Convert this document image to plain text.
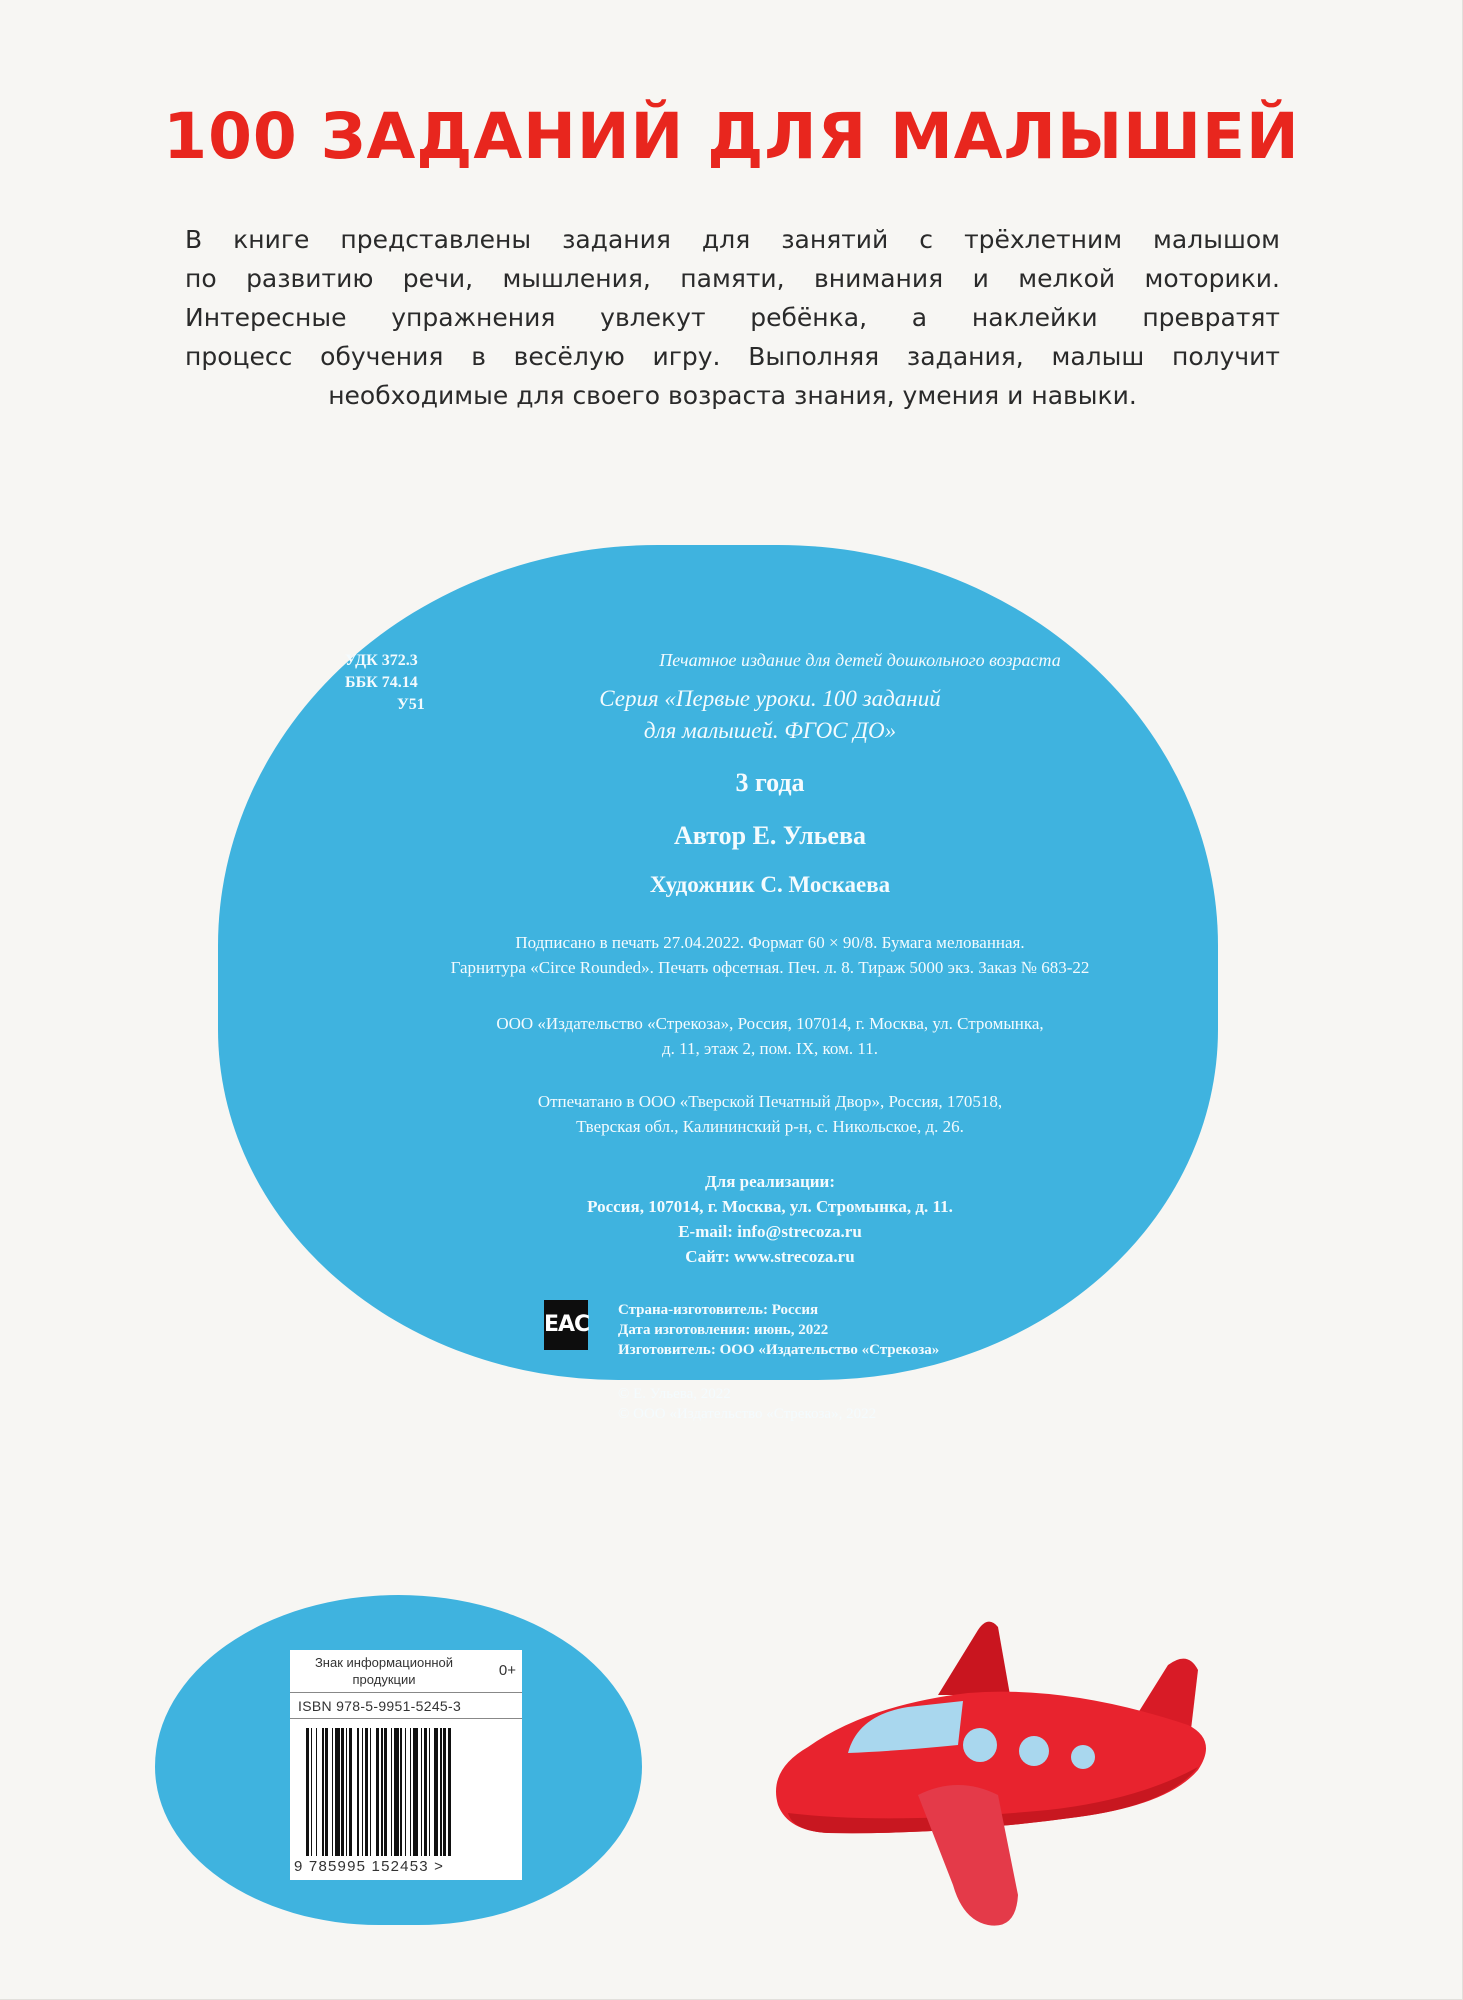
100 ЗАДАНИЙ ДЛЯ МАЛЫШЕЙ
В книге представлены задания для занятий с трёхлетним малышом
по развитию речи, мышления, памяти, внимания и мелкой моторики.
Интересные упражнения увлекут ребёнка, а наклейки превратят
процесс обучения в весёлую игру. Выполняя задания, малыш получит
необходимые для своего возраста знания, умения и навыки.
УДК 372.3
ББК 74.14
У51
Печатное издание для детей дошкольного возраста
Серия «Первые уроки. 100 заданий
для малышей. ФГОС ДО»
3 года
Автор Е. Ульева
Художник С. Москаева
Подписано в печать 27.04.2022. Формат 60 × 90/8. Бумага мелованная.
Гарнитура «Circe Rounded». Печать офсетная. Печ. л. 8. Тираж 5000 экз. Заказ № 683-22
ООО «Издательство «Стрекоза», Россия, 107014, г. Москва, ул. Стромынка,
д. 11, этаж 2, пом. IX, ком. 11.
Отпечатано в ООО «Тверской Печатный Двор», Россия, 170518,
Тверская обл., Калининский р-н, с. Никольское, д. 26.
Для реализации:
Россия, 107014, г. Москва, ул. Стромынка, д. 11.
E-mail: info@strecoza.ru
Сайт: www.strecoza.ru
EAC
Страна-изготовитель: Россия
Дата изготовления: июнь, 2022
Изготовитель: ООО «Издательство «Стрекоза»
© Е. Ульева, 2022
© ООО «Издательство «Стрекоза», 2022
Знак информационной
продукции
0+
ISBN 978-5-9951-5245-3
9 785995 152453 >
